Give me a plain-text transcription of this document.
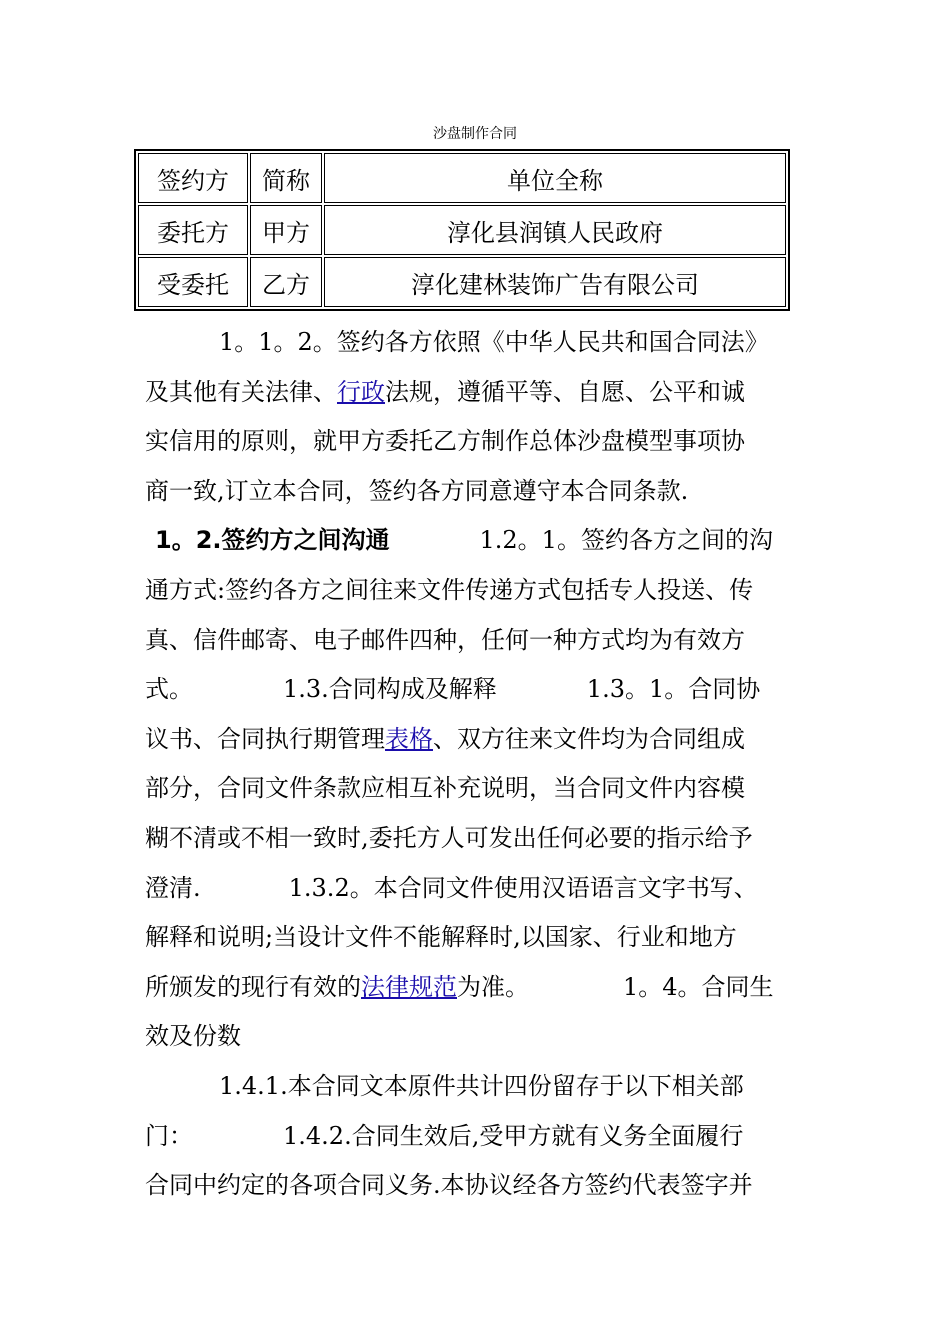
沙盘制作合同
签约方	简称	单位全称
委托方	甲方	淳化县润镇人民政府
受委托	乙方	淳化建林装饰广告有限公司
1。1。2。签约各方依照《中华人民共和国合同法》
及其他有关法律、行政法规，遵循平等、自愿、公平和诚
实信用的原则，就甲方委托乙方制作总体沙盘模型事项协
商一致,订立本合同，签约各方同意遵守本合同条款.
1。2.签约方之间沟通	1.2。1。签约各方之间的沟
通方式:签约各方之间往来文件传递方式包括专人投送、传
真、信件邮寄、电子邮件四种，任何一种方式均为有效方
式。	1.3.合同构成及解释	1.3。1。合同协
议书、合同执行期管理表格、双方往来文件均为合同组成
部分，合同文件条款应相互补充说明，当合同文件内容模
糊不清或不相一致时,委托方人可发出任何必要的指示给予
澄清.	1.3.2。本合同文件使用汉语语言文字书写、
解释和说明;当设计文件不能解释时,以国家、行业和地方
所颁发的现行有效的法律规范为准。	1。4。合同生
效及份数
1.4.1.本合同文本原件共计四份留存于以下相关部
门：	1.4.2.合同生效后,受甲方就有义务全面履行
合同中约定的各项合同义务.本协议经各方签约代表签字并
